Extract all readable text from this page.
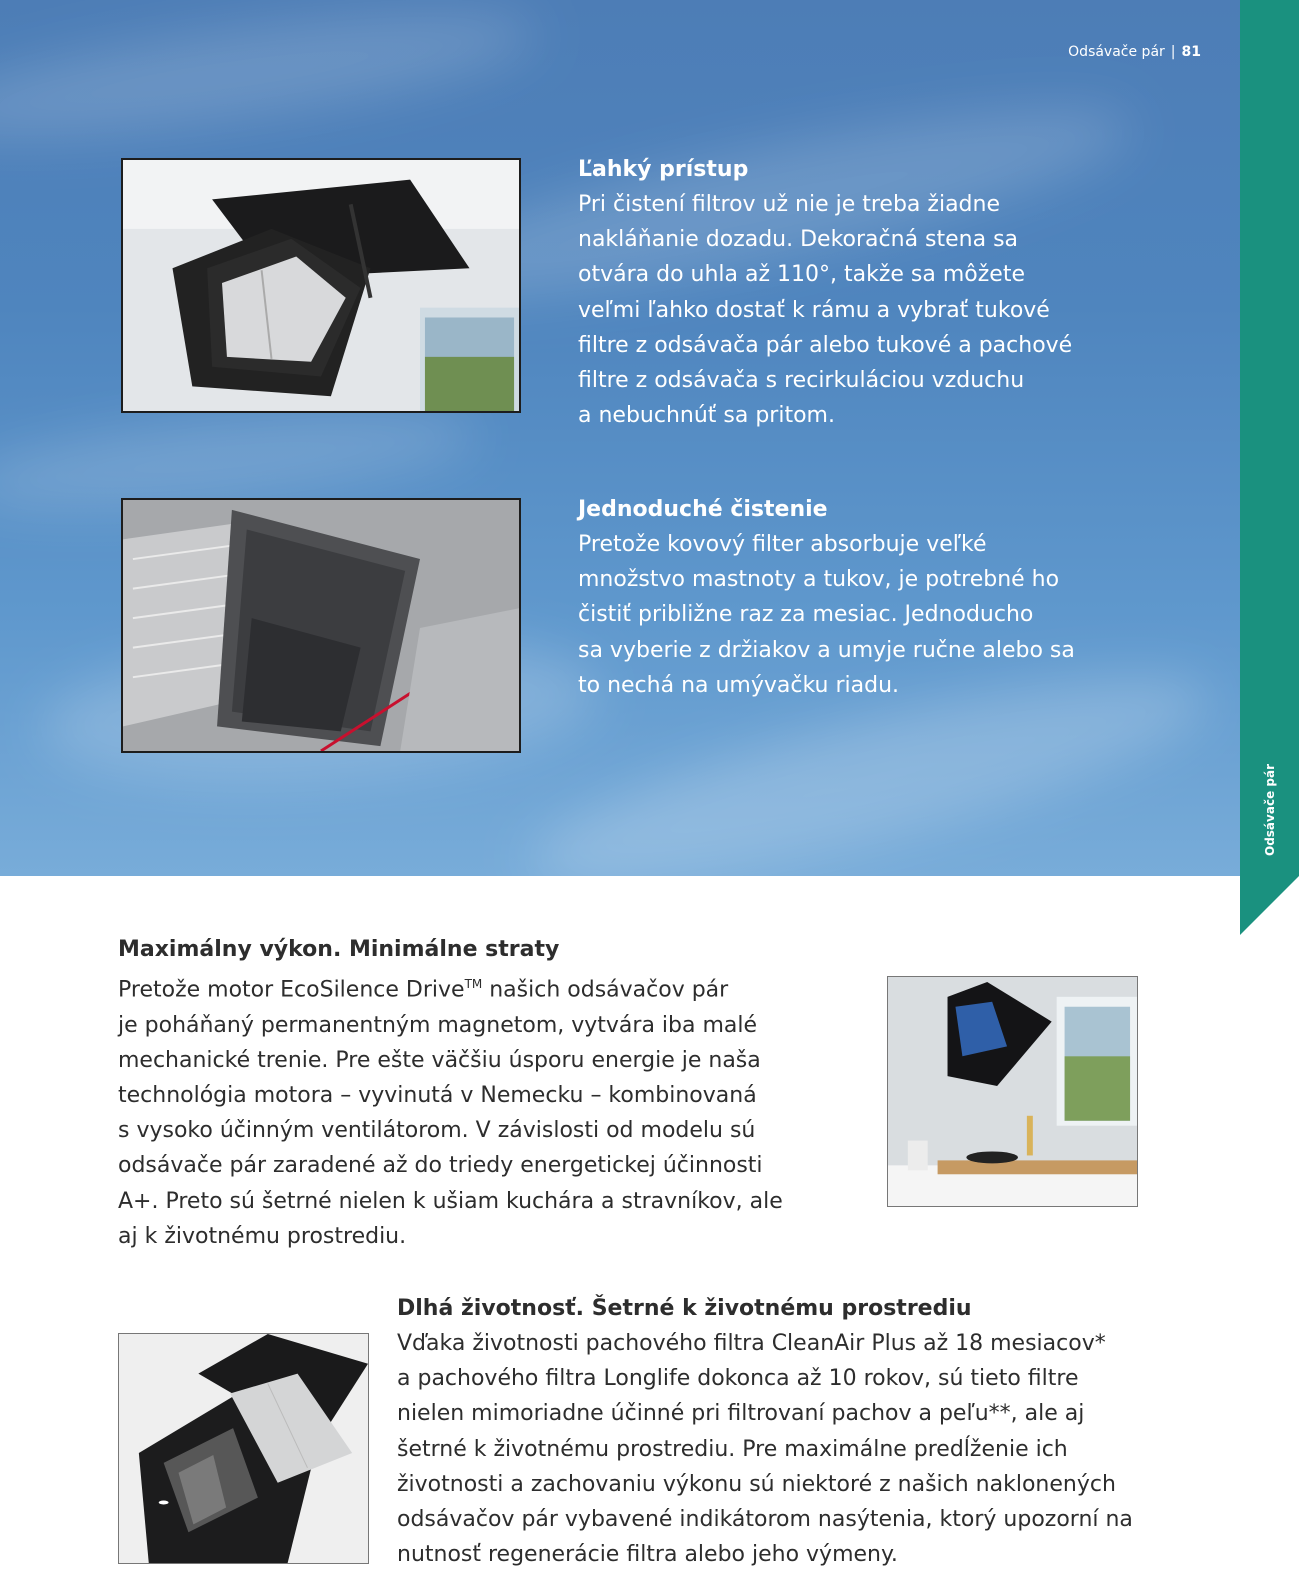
Odsávače pár
Odsávače pár | 81
Ľahký prístup

Pri čistení filtrov už nie je treba žiadne

nakláňanie dozadu. Dekoračná stena sa

otvára do uhla až 110°, takže sa môžete

veľmi ľahko dostať k rámu a vybrať tukové

filtre z odsávača pár alebo tukové a pachové

filtre z odsávača s recirkuláciou vzduchu

a nebuchnúť sa pritom.

Jednoduché čistenie

Pretože kovový filter absorbuje veľké

množstvo mastnoty a tukov, je potrebné ho

čistiť približne raz za mesiac. Jednoducho

sa vyberie z držiakov a umyje ručne alebo sa

to nechá na umývačku riadu.

Maximálny výkon. Minimálne straty

Pretože motor EcoSilence Drive™ našich odsávačov pár

je poháňaný permanentným magnetom, vytvára iba malé

mechanické trenie. Pre ešte väčšiu úsporu energie je naša

technológia motora – vyvinutá v Nemecku – kombinovaná

s vysoko účinným ventilátorom. V závislosti od modelu sú

odsávače pár zaradené až do triedy energetickej účinnosti

A+. Preto sú šetrné nielen k ušiam kuchára a stravníkov, ale

aj k životnému prostrediu.

Dlhá životnosť. Šetrné k životnému prostrediu

Vďaka životnosti pachového filtra CleanAir Plus až 18 mesiacov*

a pachového filtra Longlife dokonca až 10 rokov, sú tieto filtre

nielen mimoriadne účinné pri filtrovaní pachov a peľu**, ale aj

šetrné k životnému prostrediu. Pre maximálne predĺženie ich

životnosti a zachovaniu výkonu sú niektoré z našich naklonených

odsávačov pár vybavené indikátorom nasýtenia, ktorý upozorní na

nutnosť regenerácie filtra alebo jeho výmeny.
